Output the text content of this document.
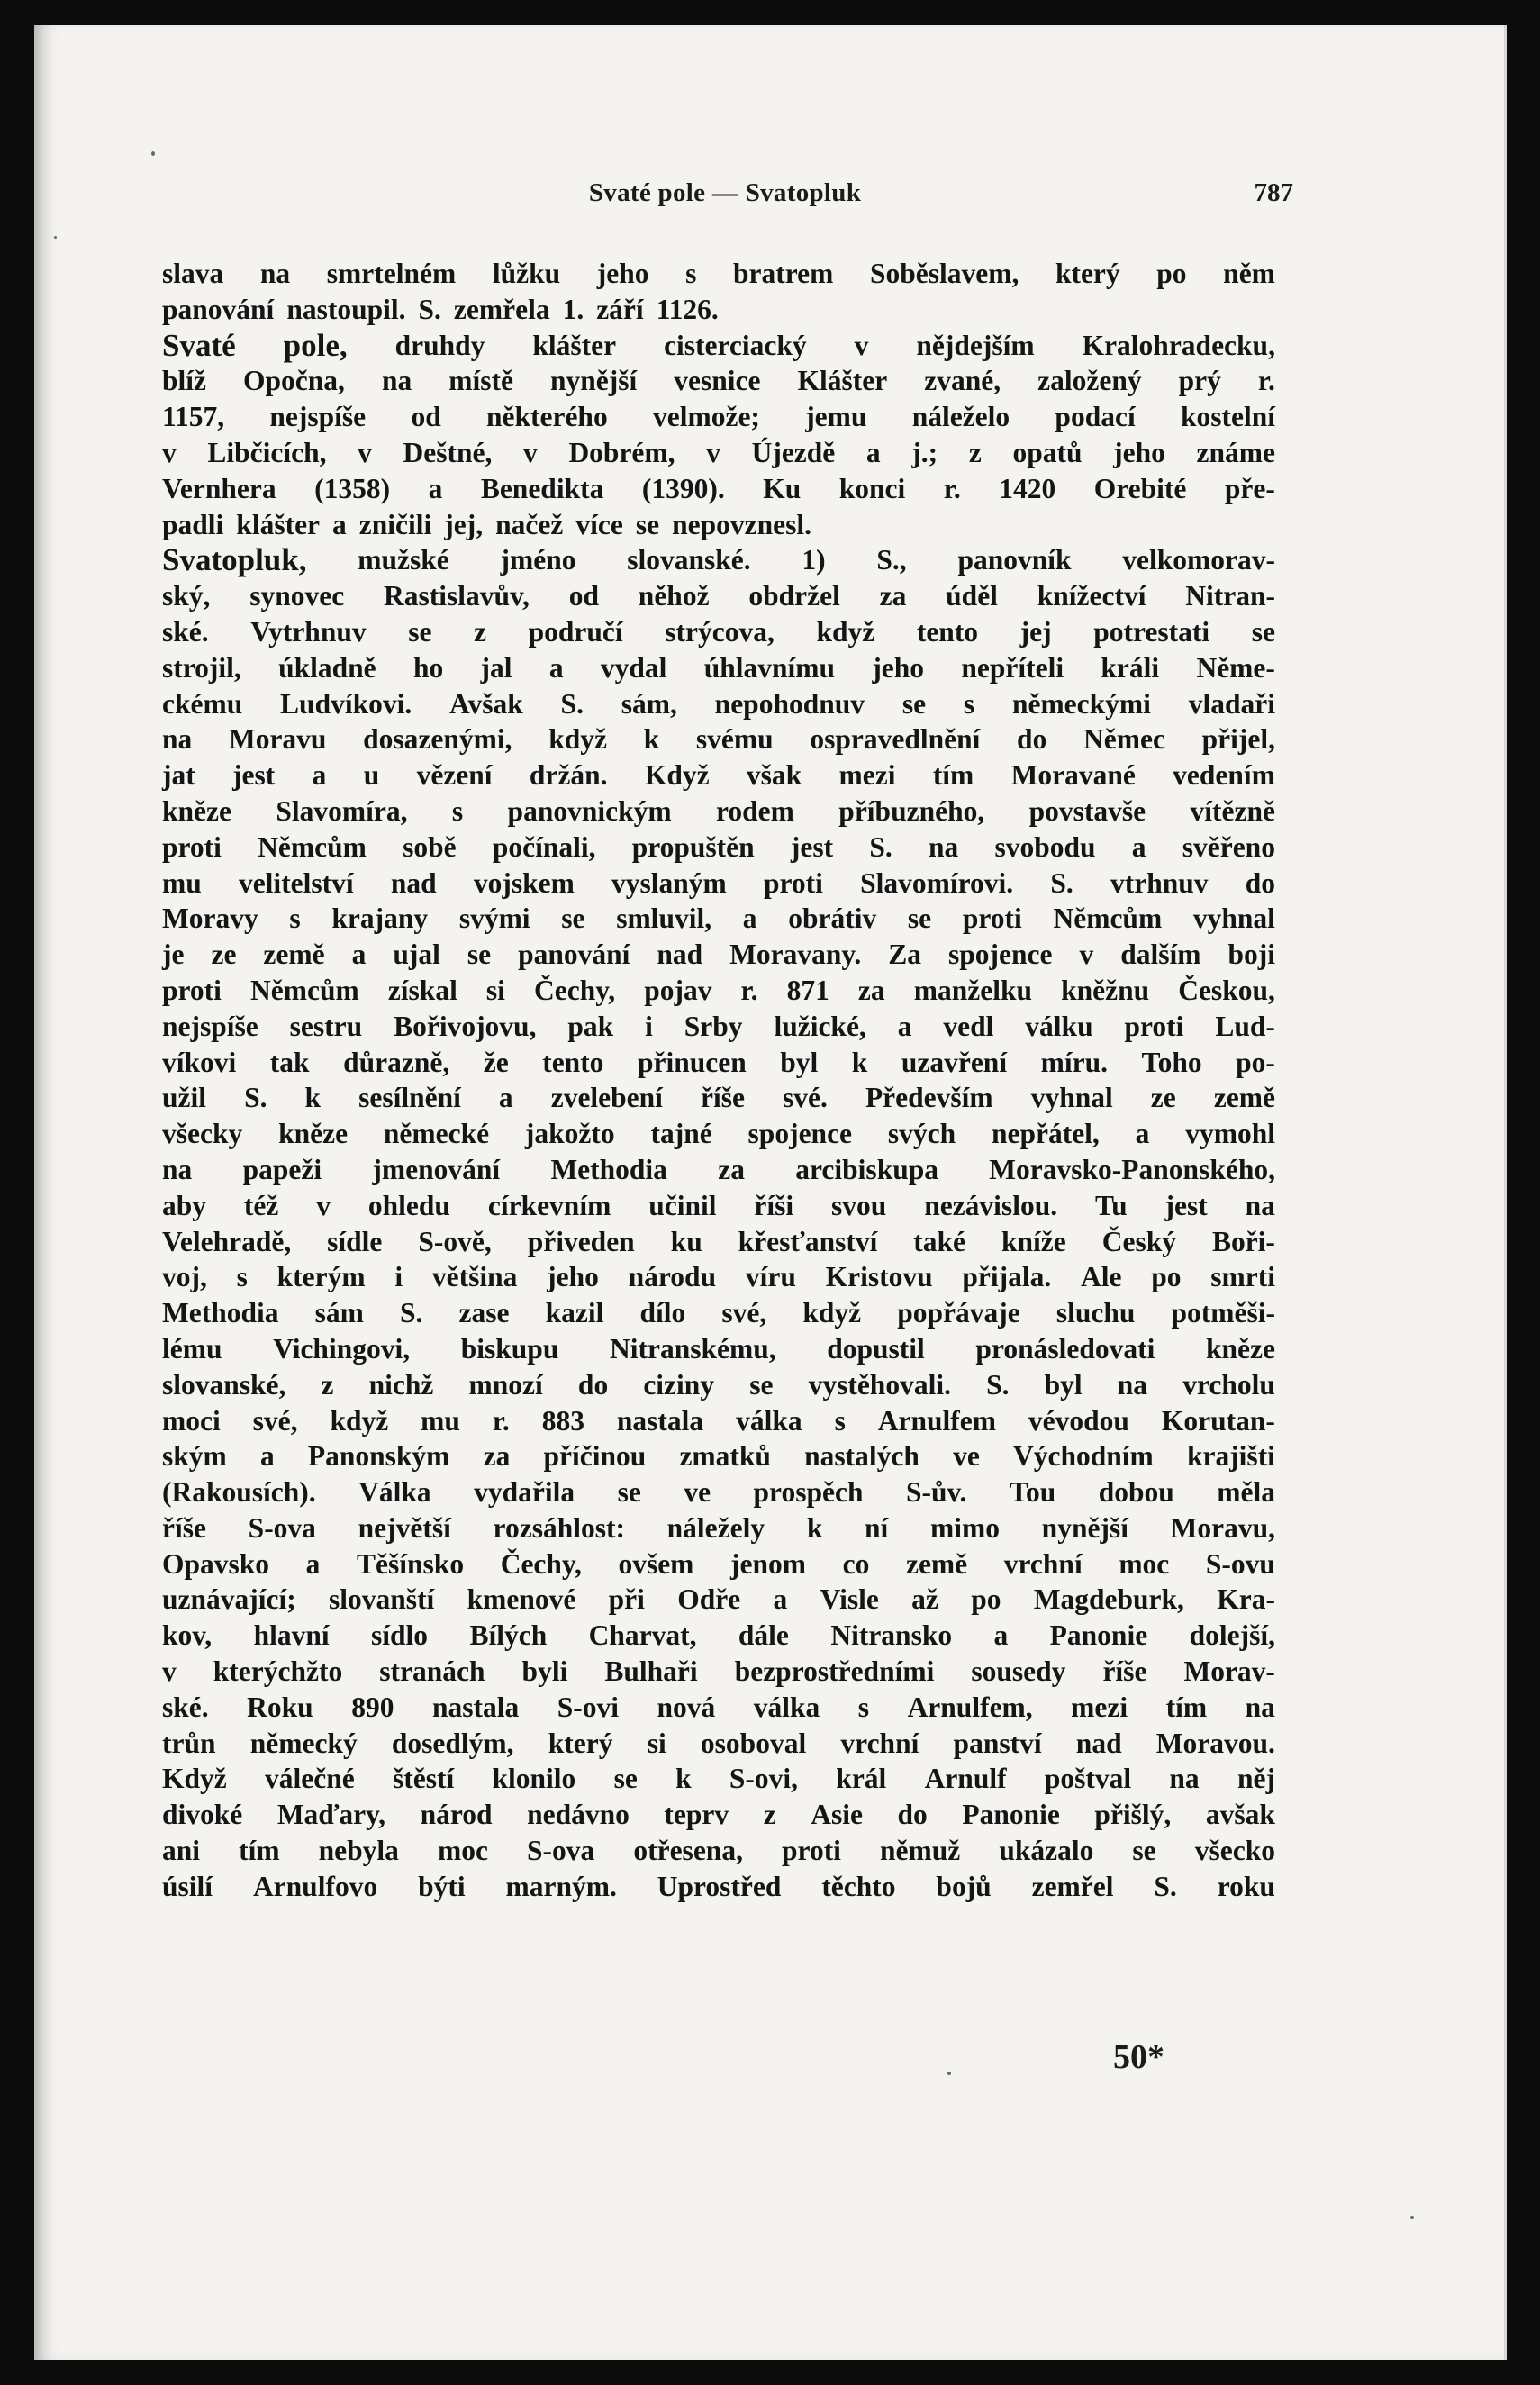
Svaté pole — Svatopluk	787
slava na smrtelném lůžku jeho s bratrem Soběslavem, který po něm
panování nastoupil. S. zemřela 1. září 1126.
Svaté pole, druhdy klášter cisterciacký v nějdejším Kralohradecku,
blíž Opočna, na místě nynější vesnice Klášter zvané, založený prý r.
1157, nejspíše od některého velmože; jemu náleželo podací kostelní
v Libčicích, v Deštné, v Dobrém, v Újezdě a j.; z opatů jeho známe
Vernhera (1358) a Benedikta (1390). Ku konci r. 1420 Orebité pře-
padli klášter a zničili jej, načež více se nepovznesl.
Svatopluk, mužské jméno slovanské. 1) S., panovník velkomorav-
ský, synovec Rastislavův, od něhož obdržel za úděl knížectví Nitran-
ské. Vytrhnuv se z područí strýcova, když tento jej potrestati se
strojil, úkladně ho jal a vydal úhlavnímu jeho nepříteli králi Něme-
ckému Ludvíkovi. Avšak S. sám, nepohodnuv se s německými vladaři
na Moravu dosazenými, když k svému ospravedlnění do Němec přijel,
jat jest a u vězení držán. Když však mezi tím Moravané vedením
kněze Slavomíra, s panovnickým rodem příbuzného, povstavše vítězně
proti Němcům sobě počínali, propuštěn jest S. na svobodu a svěřeno
mu velitelství nad vojskem vyslaným proti Slavomírovi. S. vtrhnuv do
Moravy s krajany svými se smluvil, a obrátiv se proti Němcům vyhnal
je ze země a ujal se panování nad Moravany. Za spojence v dalším boji
proti Němcům získal si Čechy, pojav r. 871 za manželku kněžnu Českou,
nejspíše sestru Bořivojovu, pak i Srby lužické, a vedl válku proti Lud-
víkovi tak důrazně, že tento přinucen byl k uzavření míru. Toho po-
užil S. k sesílnění a zvelebení říše své. Především vyhnal ze země
všecky kněze německé jakožto tajné spojence svých nepřátel, a vymohl
na papeži jmenování Methodia za arcibiskupa Moravsko-Panonského,
aby též v ohledu církevním učinil říši svou nezávislou. Tu jest na
Velehradě, sídle S-ově, přiveden ku křesťanství také kníže Český Boři-
voj, s kterým i většina jeho národu víru Kristovu přijala. Ale po smrti
Methodia sám S. zase kazil dílo své, když popřávaje sluchu potměši-
lému Vichingovi, biskupu Nitranskému, dopustil pronásledovati kněze
slovanské, z nichž mnozí do ciziny se vystěhovali. S. byl na vrcholu
moci své, když mu r. 883 nastala válka s Arnulfem vévodou Korutan-
ským a Panonským za příčinou zmatků nastalých ve Východním krajišti
(Rakousích). Válka vydařila se ve prospěch S-ův. Tou dobou měla
říše S-ova největší rozsáhlost: náležely k ní mimo nynější Moravu,
Opavsko a Těšínsko Čechy, ovšem jenom co země vrchní moc S-ovu
uznávající; slovanští kmenové při Odře a Visle až po Magdeburk, Kra-
kov, hlavní sídlo Bílých Charvat, dále Nitransko a Panonie dolejší,
v kterýchžto stranách byli Bulhaři bezprostředními sousedy říše Morav-
ské. Roku 890 nastala S-ovi nová válka s Arnulfem, mezi tím na
trůn německý dosedlým, který si osoboval vrchní panství nad Moravou.
Když válečné štěstí klonilo se k S-ovi, král Arnulf poštval na něj
divoké Maďary, národ nedávno teprv z Asie do Panonie přišlý, avšak
ani tím nebyla moc S-ova otřesena, proti němuž ukázalo se všecko
úsilí Arnulfovo býti marným. Uprostřed těchto bojů zemřel S. roku
50*
